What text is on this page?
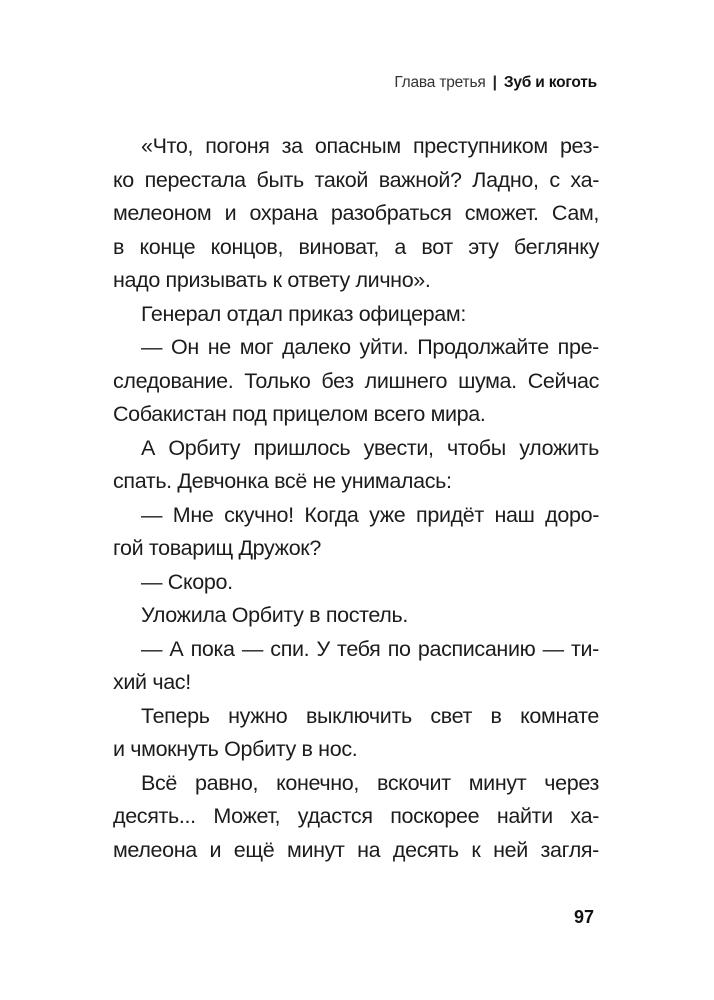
Глава третья | Зуб и коготь
«Что, погоня за опасным преступником рез-
ко перестала быть такой важной? Ладно, с ха-
мелеоном и охрана разобраться сможет. Сам,
в конце концов, виноват, а вот эту беглянку
надо призывать к ответу лично».
Генерал отдал приказ офицерам:
— Он не мог далеко уйти. Продолжайте пре-
следование. Только без лишнего шума. Сейчас
Собакистан под прицелом всего мира.
А Орбиту пришлось увести, чтобы уложить
спать. Девчонка всё не унималась:
— Мне скучно! Когда уже придёт наш доро-
гой товарищ Дружок?
— Скоро.
Уложила Орбиту в постель.
— А пока — спи. У тебя по расписанию — ти-
хий час!
Теперь нужно выключить свет в комнате
и чмокнуть Орбиту в нос.
Всё равно, конечно, вскочит минут через
десять... Может, удастся поскорее найти ха-
мелеона и ещё минут на десять к ней загля-
97
